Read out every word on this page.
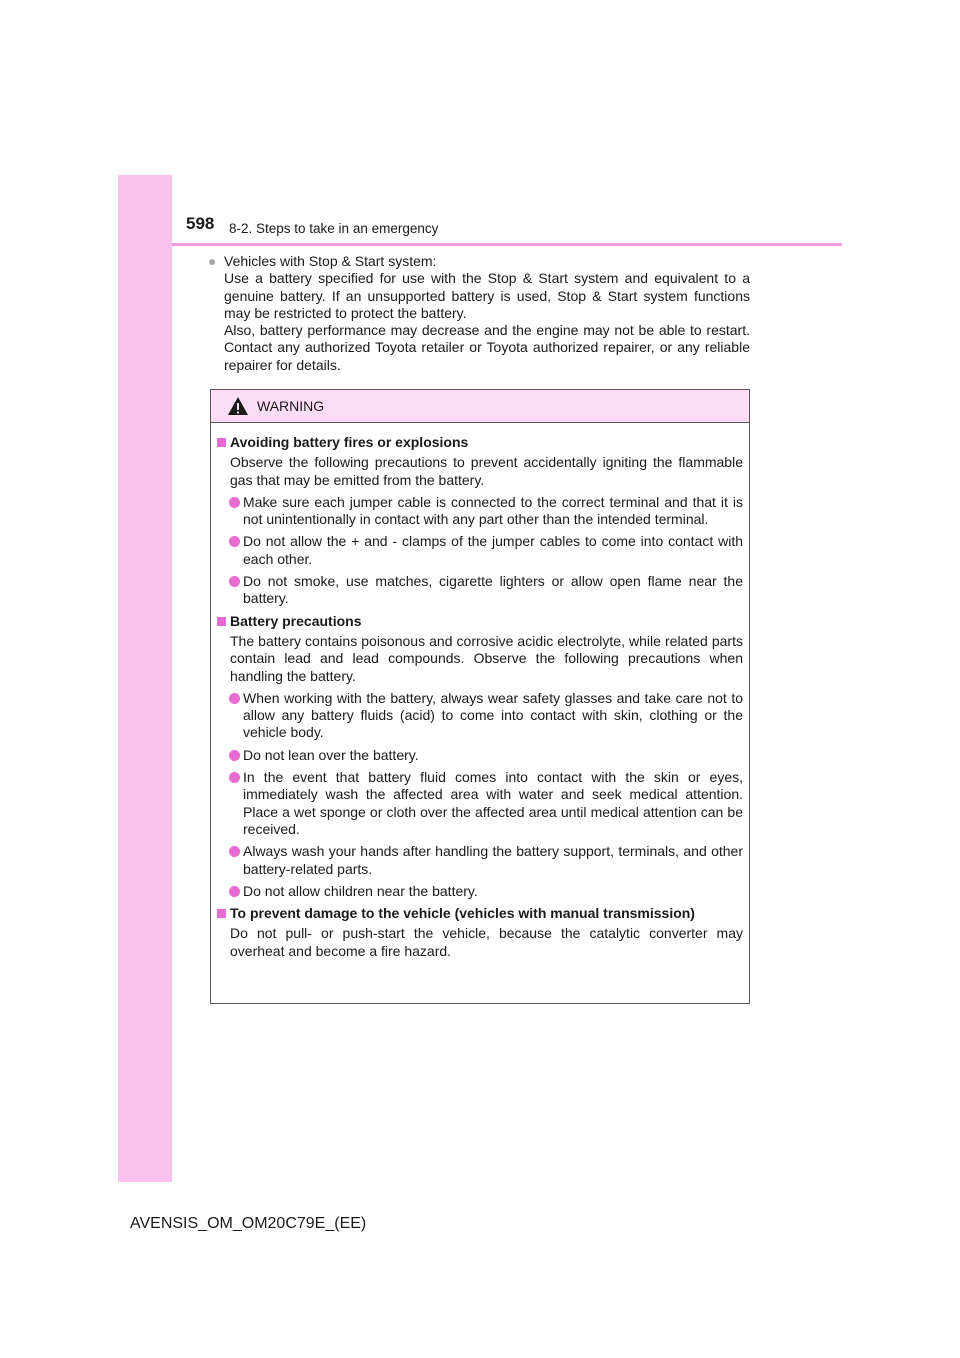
598 8-2. Steps to take in an emergency
● Vehicles with Stop & Start system:
Use a battery specified for use with the Stop & Start system and equivalent to a genuine battery. If an unsupported battery is used, Stop & Start system functions may be restricted to protect the battery.
Also, battery performance may decrease and the engine may not be able to restart. Contact any authorized Toyota retailer or Toyota authorized repairer, or any reliable repairer for details.
WARNING
Avoiding battery fires or explosions
Observe the following precautions to prevent accidentally igniting the flammable gas that may be emitted from the battery.
Make sure each jumper cable is connected to the correct terminal and that it is not unintentionally in contact with any part other than the intended terminal.
Do not allow the + and - clamps of the jumper cables to come into contact with each other.
Do not smoke, use matches, cigarette lighters or allow open flame near the battery.
Battery precautions
The battery contains poisonous and corrosive acidic electrolyte, while related parts contain lead and lead compounds. Observe the following precautions when handling the battery.
When working with the battery, always wear safety glasses and take care not to allow any battery fluids (acid) to come into contact with skin, clothing or the vehicle body.
Do not lean over the battery.
In the event that battery fluid comes into contact with the skin or eyes, immediately wash the affected area with water and seek medical attention. Place a wet sponge or cloth over the affected area until medical attention can be received.
Always wash your hands after handling the battery support, terminals, and other battery-related parts.
Do not allow children near the battery.
To prevent damage to the vehicle (vehicles with manual transmission)
Do not pull- or push-start the vehicle, because the catalytic converter may overheat and become a fire hazard.
AVENSIS_OM_OM20C79E_(EE)
